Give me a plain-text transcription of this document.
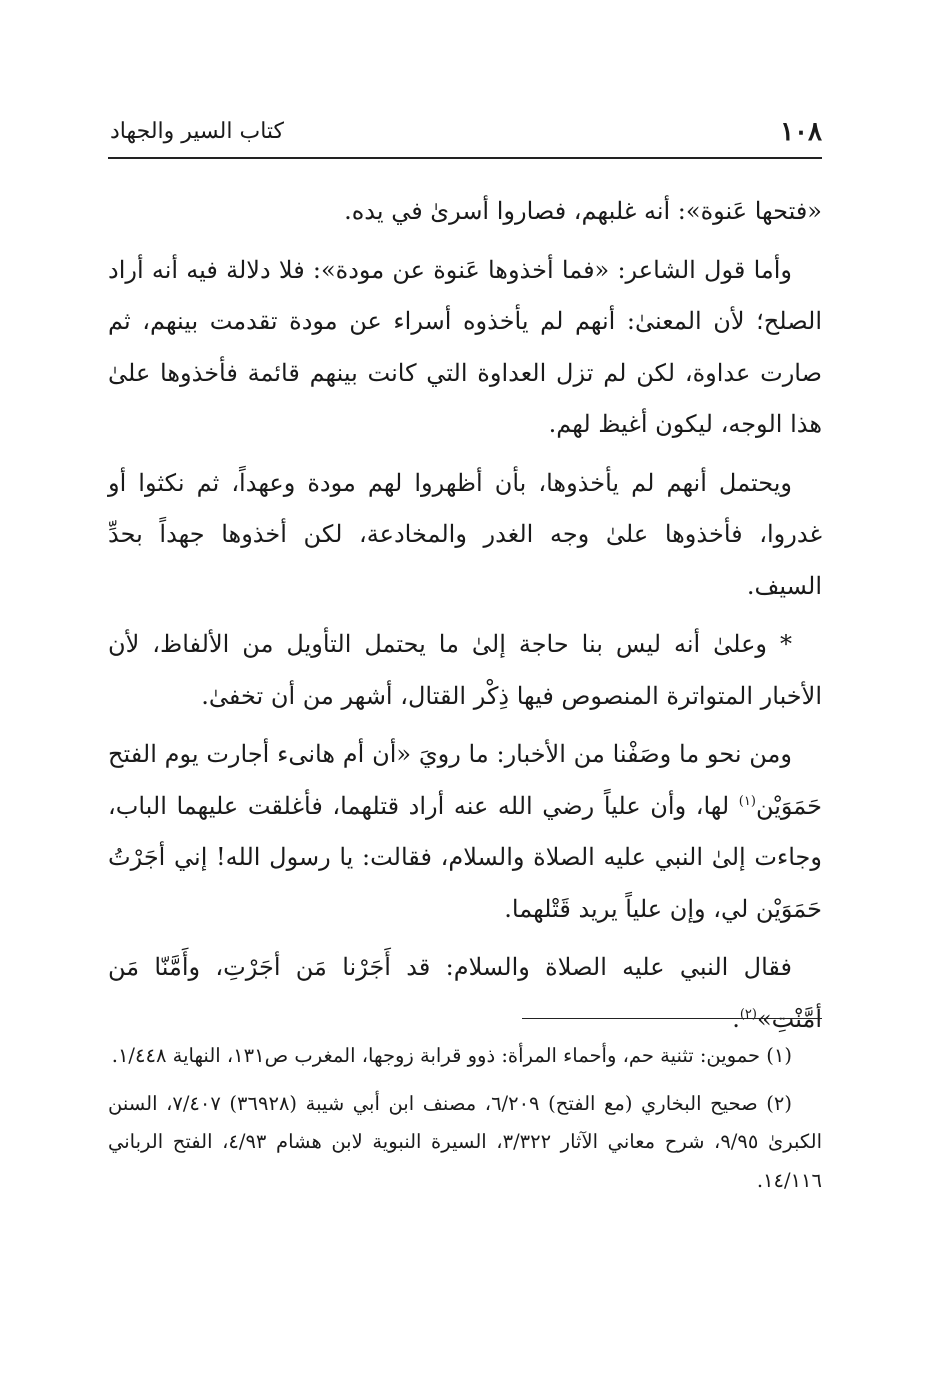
١٠٨
كتاب السير والجهاد

«فتحها عَنوة»: أنه غلبهم، فصاروا أسرىٰ في يده.

وأما قول الشاعر: «فما أخذوها عَنوة عن مودة»: فلا دلالة فيه أنه أراد الصلح؛ لأن المعنىٰ: أنهم لم يأخذوه أسراء عن مودة تقدمت بينهم، ثم صارت عداوة، لكن لم تزل العداوة التي كانت بينهم قائمة فأخذوها علىٰ هذا الوجه، ليكون أغيظ لهم.

ويحتمل أنهم لم يأخذوها، بأن أظهروا لهم مودة وعهداً، ثم نكثوا أو غدروا، فأخذوها علىٰ وجه الغدر والمخادعة، لكن أخذوها جهداً بحدِّ السيف.

* وعلىٰ أنه ليس بنا حاجة إلىٰ ما يحتمل التأويل من الألفاظ، لأن الأخبار المتواترة المنصوص فيها ذِكْر القتال، أشهر من أن تخفىٰ.

ومن نحو ما وصَفْنا من الأخبار: ما رويَ «أن أم هانىء أجارت يوم الفتح حَمَوَيْن$^{(١)}$ لها، وأن علياً رضي الله عنه أراد قتلهما، فأغلقت عليهما الباب، وجاءت إلىٰ النبي عليه الصلاة والسلام، فقالت: يا رسول الله! إني أجَرْتُ حَمَوَيْن لي، وإن علياً يريد قَتْلهما.

فقال النبي عليه الصلاة والسلام: قد أَجَرْنا مَن أجَرْتِ، وأَمَّنّا مَن أمَّنْتِ»$^{(٢)}$.

(١) حموين: تثنية حم، وأحماء المرأة: ذوو قرابة زوجها، المغرب ص١٣١، النهاية ١/٤٤٨.

(٢) صحيح البخاري (مع الفتح) ٦/٢٠٩، مصنف ابن أبي شيبة (٣٦٩٢٨) ٧/٤٠٧، السنن الكبرىٰ ٩/٩٥، شرح معاني الآثار ٣/٣٢٢، السيرة النبوية لابن هشام ٤/٩٣، الفتح الرباني ١٤/١١٦.
